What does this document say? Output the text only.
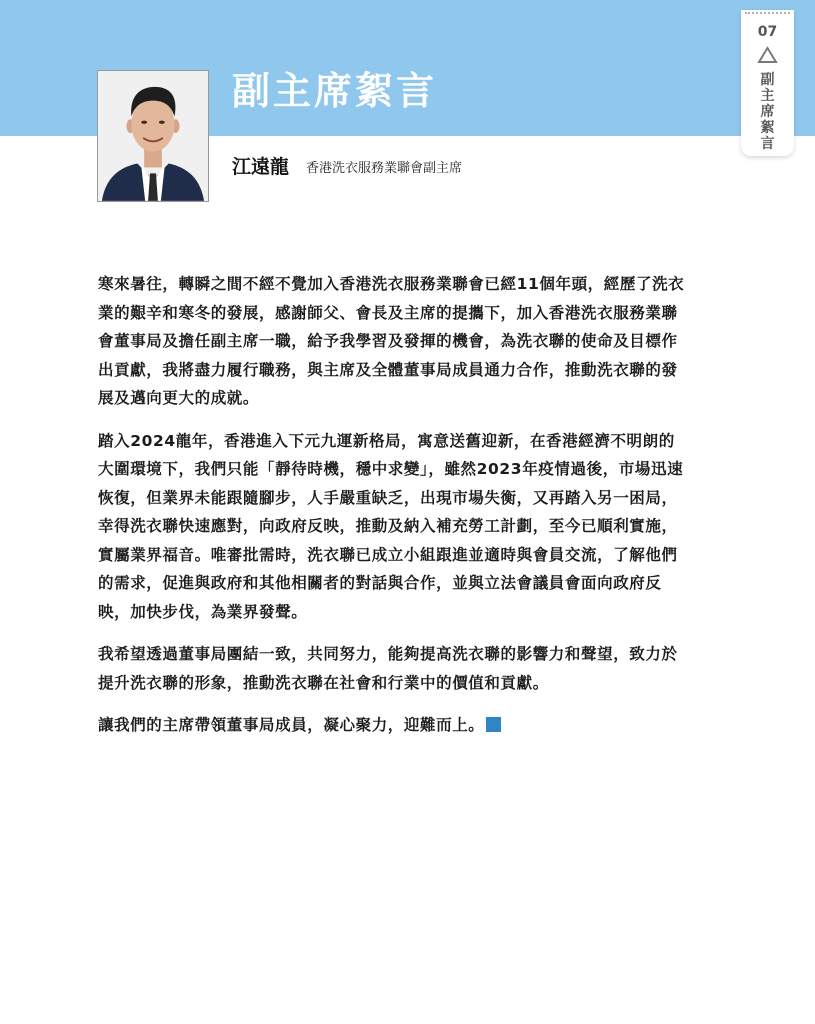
副主席絮言
江遠龍 香港洗衣服務業聯會副主席
07
副
主
席
絮
言

寒來暑往，轉瞬之間不經不覺加入香港洗衣服務業聯會已經11個年頭，經歷了洗衣業的艱辛和寒冬的發展，感謝師父、會長及主席的提攜下，加入香港洗衣服務業聯會董事局及擔任副主席一職，給予我學習及發揮的機會，為洗衣聯的使命及目標作出貢獻，我將盡力履行職務，與主席及全體董事局成員通力合作，推動洗衣聯的發展及邁向更大的成就。

踏入2024龍年，香港進入下元九運新格局，寓意送舊迎新，在香港經濟不明朗的大圍環境下，我們只能「靜待時機，穩中求變」，雖然2023年疫情過後，市場迅速恢復，但業界未能跟隨腳步，人手嚴重缺乏，出現市場失衡，又再踏入另一困局，幸得洗衣聯快速應對，向政府反映，推動及納入補充勞工計劃，至今已順利實施，實屬業界福音。唯審批需時，洗衣聯已成立小組跟進並適時與會員交流，了解他們的需求，促進與政府和其他相關者的對話與合作，並與立法會議員會面向政府反映，加快步伐，為業界發聲。

我希望透過董事局團結一致，共同努力，能夠提高洗衣聯的影響力和聲望，致力於提升洗衣聯的形象，推動洗衣聯在社會和行業中的價值和貢獻。

讓我們的主席帶領董事局成員，凝心聚力，迎難而上。
